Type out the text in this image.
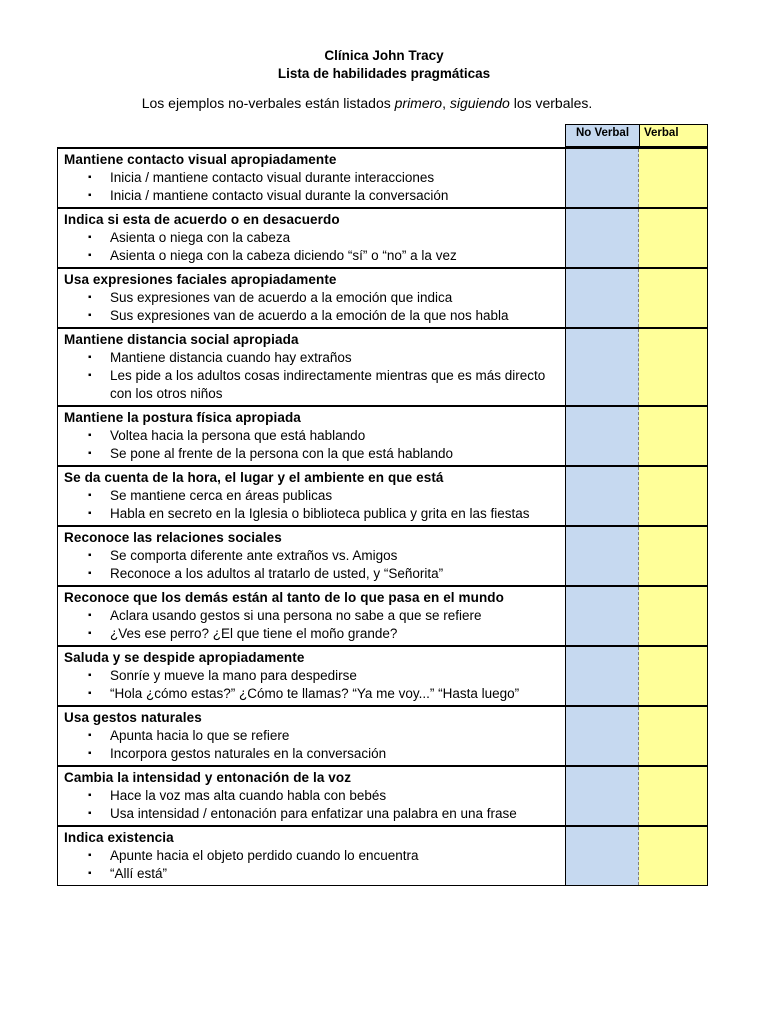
Clínica John Tracy
Lista de habilidades pragmáticas
Los ejemplos no-verbales están listados primero, siguiendo los verbales.
No Verbal	Verbal
Mantiene contacto visual apropiadamente
▪ Inicia / mantiene contacto visual durante interacciones
▪ Inicia / mantiene contacto visual durante la conversación
Indica si esta de acuerdo o en desacuerdo
▪ Asienta o niega con la cabeza
▪ Asienta o niega con la cabeza diciendo “sí” o “no” a la vez
Usa expresiones faciales apropiadamente
▪ Sus expresiones van de acuerdo a la emoción que indica
▪ Sus expresiones van de acuerdo a la emoción de la que nos habla
Mantiene distancia social apropiada
▪ Mantiene distancia cuando hay extraños
▪ Les pide a los adultos cosas indirectamente mientras que es más directo con los otros niños
Mantiene la postura física apropiada
▪ Voltea hacia la persona que está hablando
▪ Se pone al frente de la persona con la que está hablando
Se da cuenta de la hora, el lugar y el ambiente en que está
▪ Se mantiene cerca en áreas publicas
▪ Habla en secreto en la Iglesia o biblioteca publica y grita en las fiestas
Reconoce las relaciones sociales
▪ Se comporta diferente ante extraños vs. Amigos
▪ Reconoce a los adultos al tratarlo de usted, y “Señorita”
Reconoce que los demás están al tanto de lo que pasa en el mundo
▪ Aclara usando gestos si una persona no sabe a que se refiere
▪ ¿Ves ese perro? ¿El que tiene el moño grande?
Saluda y se despide apropiadamente
▪ Sonríe y mueve la mano para despedirse
▪ “Hola ¿cómo estas?” ¿Cómo te llamas? “Ya me voy...” “Hasta luego”
Usa gestos naturales
▪ Apunta hacia lo que se refiere
▪ Incorpora gestos naturales en la conversación
Cambia la intensidad y entonación de la voz
▪ Hace la voz mas alta cuando habla con bebés
▪ Usa intensidad / entonación para enfatizar una palabra en una frase
Indica existencia
▪ Apunte hacia el objeto perdido cuando lo encuentra
▪ “Allí está”
